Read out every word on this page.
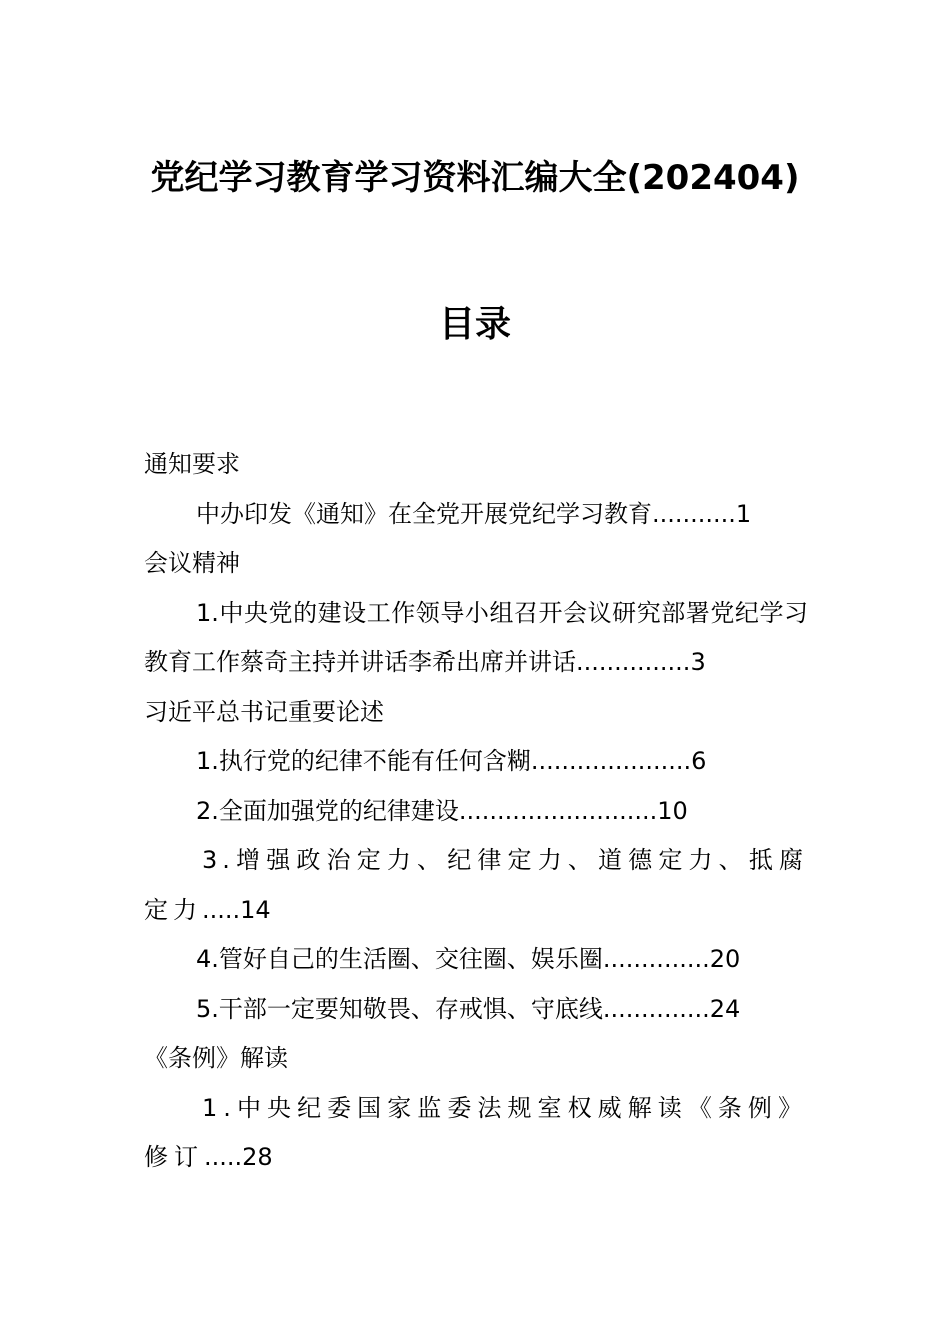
党纪学习教育学习资料汇编大全(202404)
目录
通知要求
中办印发《通知》在全党开展党纪学习教育...........1
会议精神
1.中央党的建设工作领导小组召开会议研究部署党纪学习教育工作蔡奇主持并讲话李希出席并讲话...............3
习近平总书记重要论述
1.执行党的纪律不能有任何含糊.....................6
2.全面加强党的纪律建设..........................10
3.增强政治定力、纪律定力、道德定力、抵腐定力.....14
4.管好自己的生活圈、交往圈、娱乐圈..............20
5.干部一定要知敬畏、存戒惧、守底线..............24
《条例》解读
1.中央纪委国家监委法规室权威解读《条例》修订.....28
